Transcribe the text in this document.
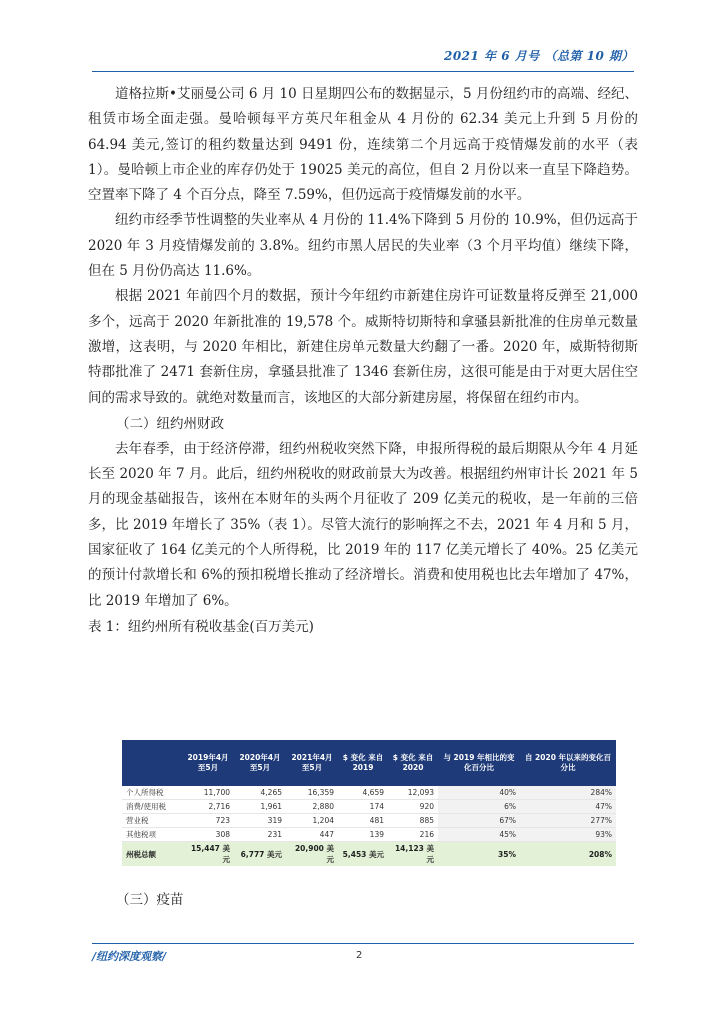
2021 年 6 月号 （总第 10 期）

道格拉斯•艾丽曼公司 6 月 10 日星期四公布的数据显示，5 月份纽约市的高端、经纪、租赁市场全面走强。曼哈顿每平方英尺年租金从 4 月份的 62.34 美元上升到 5 月份的 64.94 美元,签订的租约数量达到 9491 份，连续第二个月远高于疫情爆发前的水平（表 1）。曼哈顿上市企业的库存仍处于 19025 美元的高位，但自 2 月份以来一直呈下降趋势。空置率下降了 4 个百分点，降至 7.59%，但仍远高于疫情爆发前的水平。

纽约市经季节性调整的失业率从 4 月份的 11.4%下降到 5 月份的 10.9%，但仍远高于 2020 年 3 月疫情爆发前的 3.8%。纽约市黑人居民的失业率（3 个月平均值）继续下降，但在 5 月份仍高达 11.6%。

根据 2021 年前四个月的数据，预计今年纽约市新建住房许可证数量将反弹至 21,000 多个，远高于 2020 年新批准的 19,578 个。威斯特切斯特和拿骚县新批准的住房单元数量激增，这表明，与 2020 年相比，新建住房单元数量大约翻了一番。2020 年，威斯特彻斯特郡批准了 2471 套新住房，拿骚县批准了 1346 套新住房，这很可能是由于对更大居住空间的需求导致的。就绝对数量而言，该地区的大部分新建房屋，将保留在纽约市内。

（二）纽约州财政

去年春季，由于经济停滞，纽约州税收突然下降，申报所得税的最后期限从今年 4 月延长至 2020 年 7 月。此后，纽约州税收的财政前景大为改善。根据纽约州审计长 2021 年 5 月的现金基础报告，该州在本财年的头两个月征收了 209 亿美元的税收，是一年前的三倍多，比 2019 年增长了 35%（表 1）。尽管大流行的影响挥之不去，2021 年 4 月和 5 月，国家征收了 164 亿美元的个人所得税，比 2019 年的 117 亿美元增长了 40%。25 亿美元的预计付款增长和 6%的预扣税增长推动了经济增长。消费和使用税也比去年增加了 47%，比 2019 年增加了 6%。

表 1：纽约州所有税收基金(百万美元)

	2019年4月至5月	2020年4月至5月	2021年4月至5月	$ 变化 来自 2019	$ 变化 来自 2020	与 2019 年相比的变化百分比	自 2020 年以来的变化百分比
个人所得税	11,700	4,265	16,359	4,659	12,093	40%	284%
消费/使用税	2,716	1,961	2,880	174	920	6%	47%
营业税	723	319	1,204	481	885	67%	277%
其他税项	308	231	447	139	216	45%	93%
州税总额	15,447 美元	6,777 美元	20,900 美元	5,453 美元	14,123 美元	35%	208%
（三）疫苗
/纽约深度观察/	2
